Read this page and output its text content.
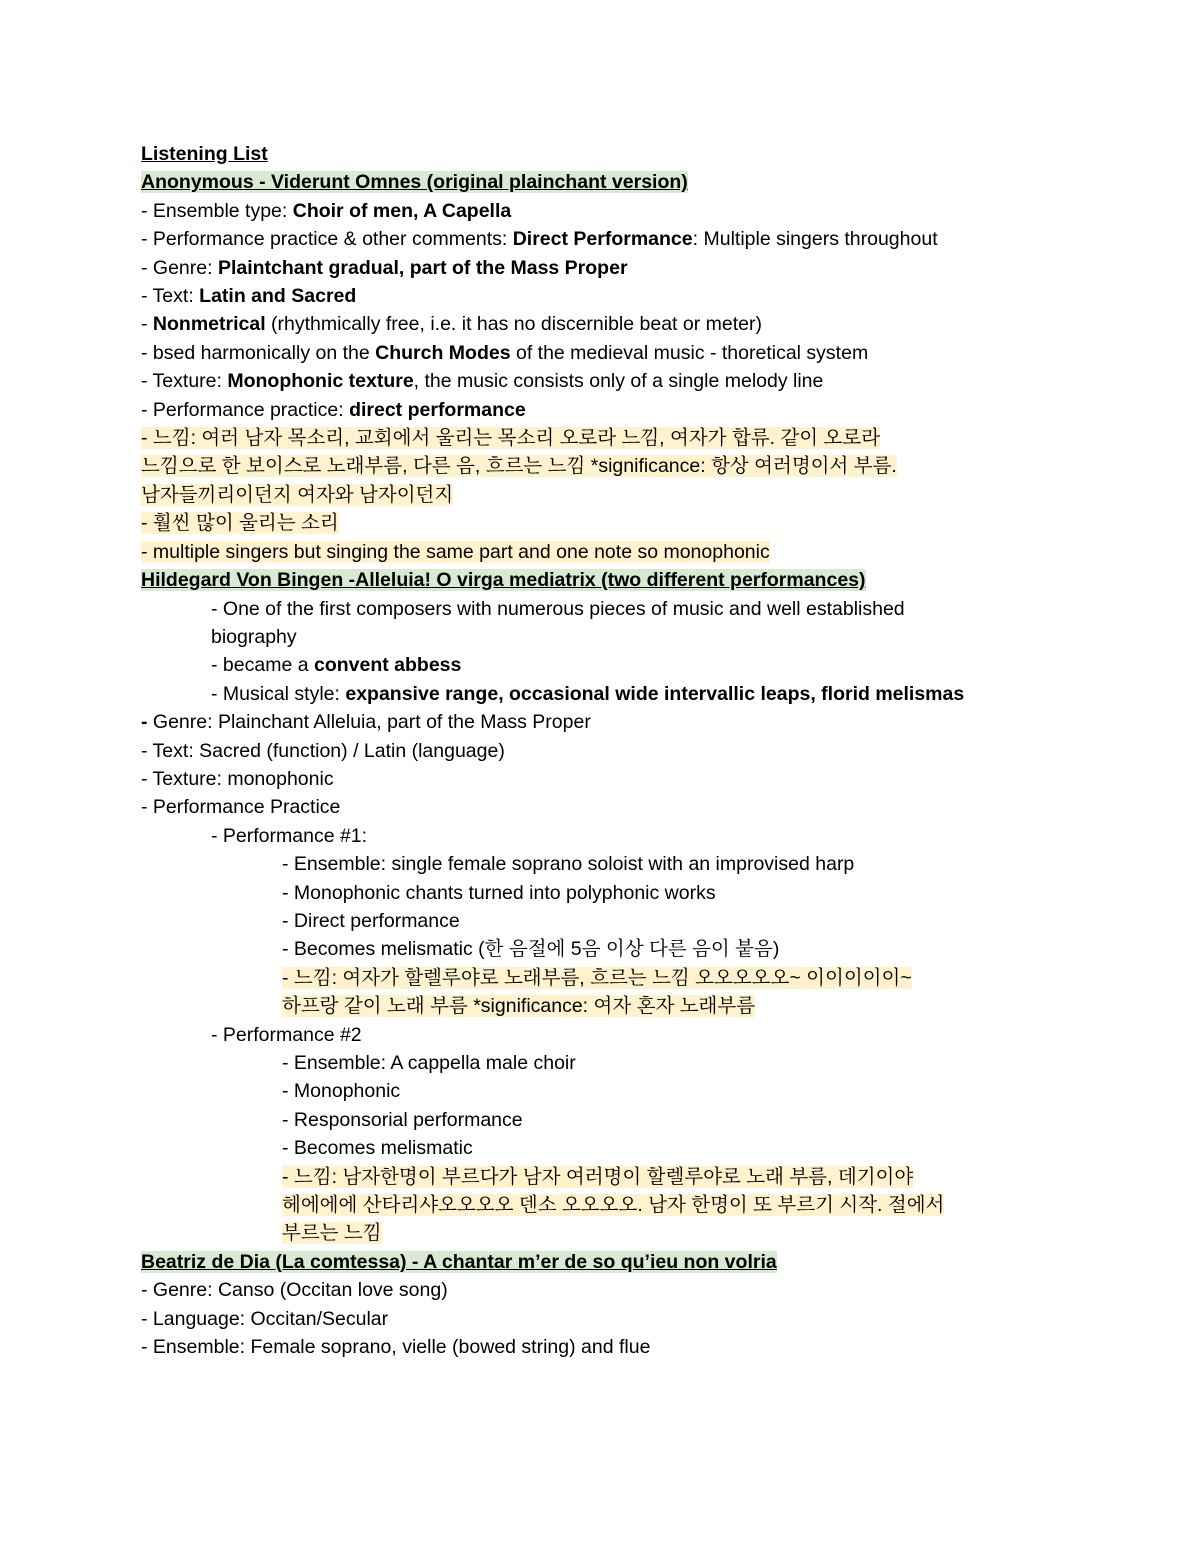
Listening List
Anonymous - Viderunt Omnes (original plainchant version)
- Ensemble type: Choir of men, A Capella
- Performance practice & other comments: Direct Performance: Multiple singers throughout
- Genre: Plaintchant gradual, part of the Mass Proper
- Text: Latin and Sacred
- Nonmetrical (rhythmically free, i.e. it has no discernible beat or meter)
- bsed harmonically on the Church Modes of the medieval music - thoretical system
- Texture: Monophonic texture, the music consists only of a single melody line
- Performance practice: direct performance
- 느낌: 여러 남자 목소리, 교회에서 울리는 목소리 오로라 느낌, 여자가 합류. 같이 오로라
느낌으로 한 보이스로 노래부름, 다른 음, 흐르는 느낌 *significance: 항상 여러명이서 부름.
남자들끼리이던지 여자와 남자이던지
- 훨씬 많이 울리는 소리
- multiple singers but singing the same part and one note so monophonic
Hildegard Von Bingen -Alleluia! O virga mediatrix (two different performances)
- One of the first composers with numerous pieces of music and well established
biography
- became a convent abbess
- Musical style: expansive range, occasional wide intervallic leaps, florid melismas
- Genre: Plainchant Alleluia, part of the Mass Proper
- Text: Sacred (function) / Latin (language)
- Texture: monophonic
- Performance Practice
- Performance #1:
- Ensemble: single female soprano soloist with an improvised harp
- Monophonic chants turned into polyphonic works
- Direct performance
- Becomes melismatic (한 음절에 5음 이상 다른 음이 붙음)
- 느낌: 여자가 할렐루야로 노래부름, 흐르는 느낌 오오오오오~ 이이이이이~
하프랑 같이 노래 부름 *significance: 여자 혼자 노래부름
- Performance #2
- Ensemble: A cappella male choir
- Monophonic
- Responsorial performance
- Becomes melismatic
- 느낌: 남자한명이 부르다가 남자 여러명이 할렐루야로 노래 부름, 데기이야
헤에에에 산타리샤오오오오 덴소 오오오오. 남자 한명이 또 부르기 시작. 절에서
부르는 느낌
Beatriz de Dia (La comtessa) - A chantar m’er de so qu’ieu non volria
- Genre: Canso (Occitan love song)
- Language: Occitan/Secular
- Ensemble: Female soprano, vielle (bowed string) and flue
